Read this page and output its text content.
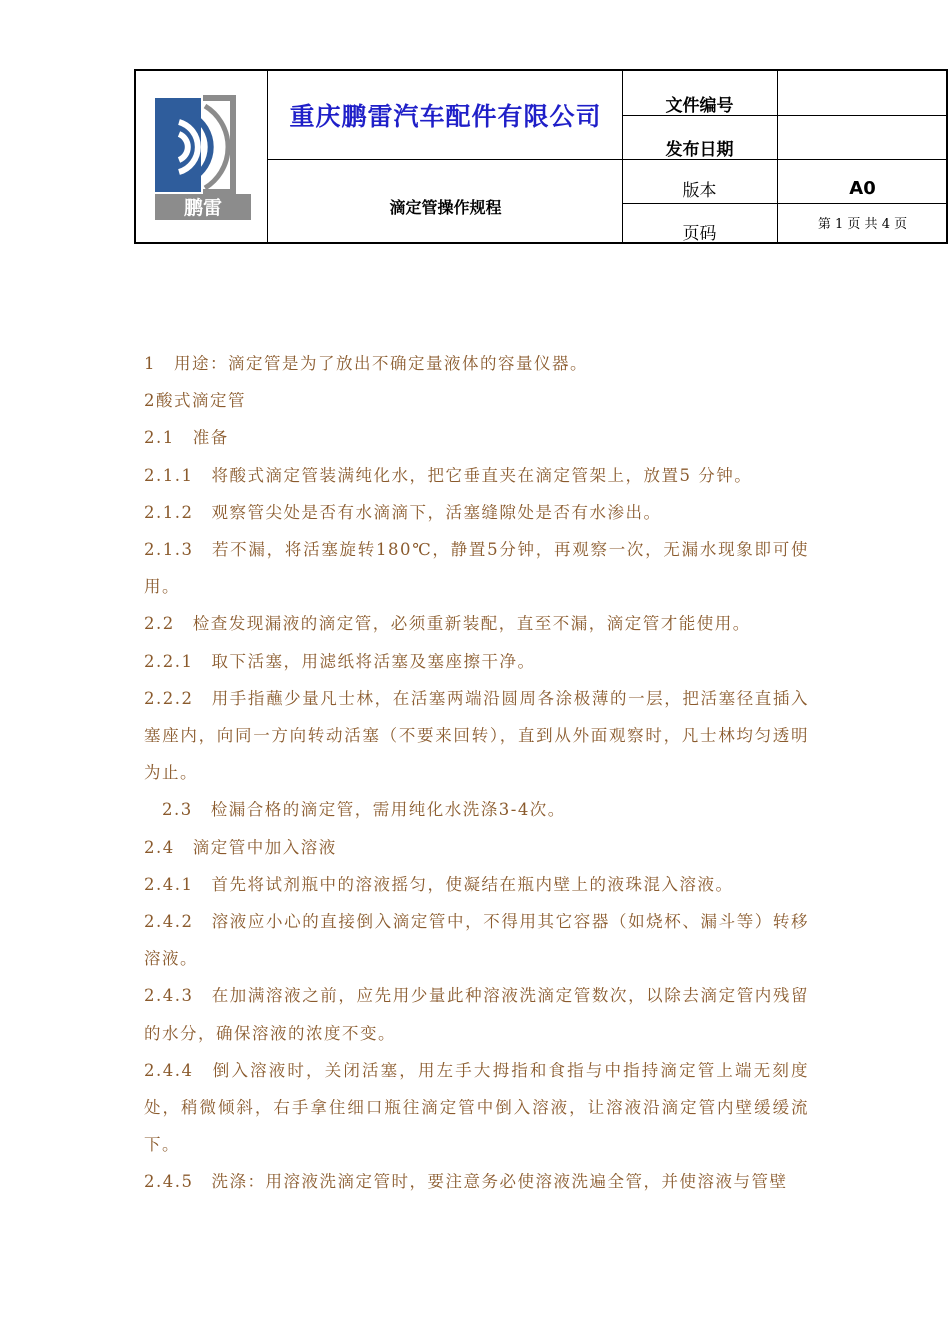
鹏雷
重庆鹏雷汽车配件有限公司
滴定管操作规程
文件编号
发布日期
版本	A0
页码	第 1 页 共 4 页

1　用途：滴定管是为了放出不确定量液体的容量仪器。

2酸式滴定管

2.1　准备

2.1.1　将酸式滴定管装满纯化水，把它垂直夹在滴定管架上，放置5 分钟。

2.1.2　观察管尖处是否有水滴滴下，活塞缝隙处是否有水渗出。

2.1.3　若不漏，将活塞旋转180℃，静置5分钟，再观察一次，无漏水现象即可使用。

2.2　检查发现漏液的滴定管，必须重新装配，直至不漏，滴定管才能使用。

2.2.1　取下活塞，用滤纸将活塞及塞座擦干净。

2.2.2　用手指蘸少量凡士林，在活塞两端沿圆周各涂极薄的一层，把活塞径直插入塞座内，向同一方向转动活塞（不要来回转），直到从外面观察时，凡士林均匀透明为止。

2.3　检漏合格的滴定管，需用纯化水洗涤3-4次。

2.4　滴定管中加入溶液

2.4.1　首先将试剂瓶中的溶液摇匀，使凝结在瓶内壁上的液珠混入溶液。

2.4.2　溶液应小心的直接倒入滴定管中，不得用其它容器（如烧杯、漏斗等）转移溶液。

2.4.3　在加满溶液之前，应先用少量此种溶液洗滴定管数次，以除去滴定管内残留的水分，确保溶液的浓度不变。

2.4.4　倒入溶液时，关闭活塞，用左手大拇指和食指与中指持滴定管上端无刻度处，稍微倾斜，右手拿住细口瓶往滴定管中倒入溶液，让溶液沿滴定管内壁缓缓流下。

2.4.5　洗涤：用溶液洗滴定管时，要注意务必使溶液洗遍全管，并使溶液与管壁
